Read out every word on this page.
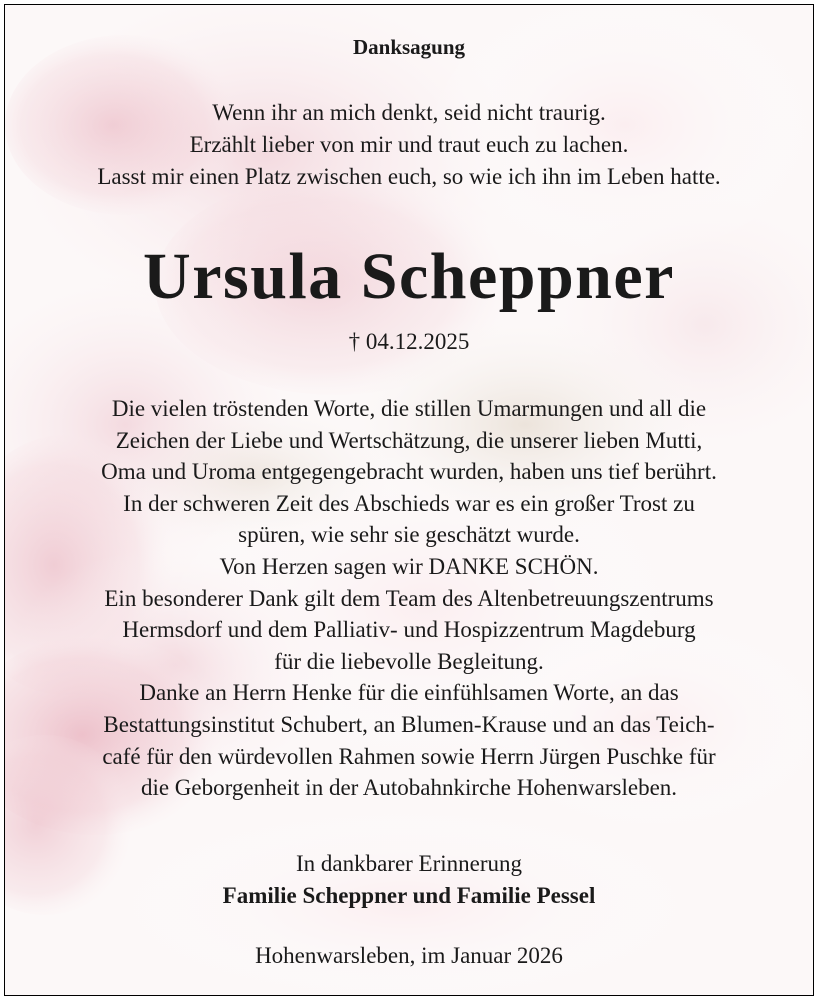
Danksagung
Wenn ihr an mich denkt, seid nicht traurig.
Erzählt lieber von mir und traut euch zu lachen.
Lasst mir einen Platz zwischen euch, so wie ich ihn im Leben hatte.
Ursula Scheppner
† 04.12.2025
Die vielen tröstenden Worte, die stillen Umarmungen und all die
Zeichen der Liebe und Wertschätzung, die unserer lieben Mutti,
Oma und Uroma entgegengebracht wurden, haben uns tief berührt.
In der schweren Zeit des Abschieds war es ein großer Trost zu
spüren, wie sehr sie geschätzt wurde.
Von Herzen sagen wir DANKE SCHÖN.
Ein besonderer Dank gilt dem Team des Altenbetreuungszentrums
Hermsdorf und dem Palliativ- und Hospizzentrum Magdeburg
für die liebevolle Begleitung.
Danke an Herrn Henke für die einfühlsamen Worte, an das
Bestattungsinstitut Schubert, an Blumen-Krause und an das Teich-
café für den würdevollen Rahmen sowie Herrn Jürgen Puschke für
die Geborgenheit in der Autobahnkirche Hohenwarsleben.
In dankbarer Erinnerung
Familie Scheppner und Familie Pessel
Hohenwarsleben, im Januar 2026
